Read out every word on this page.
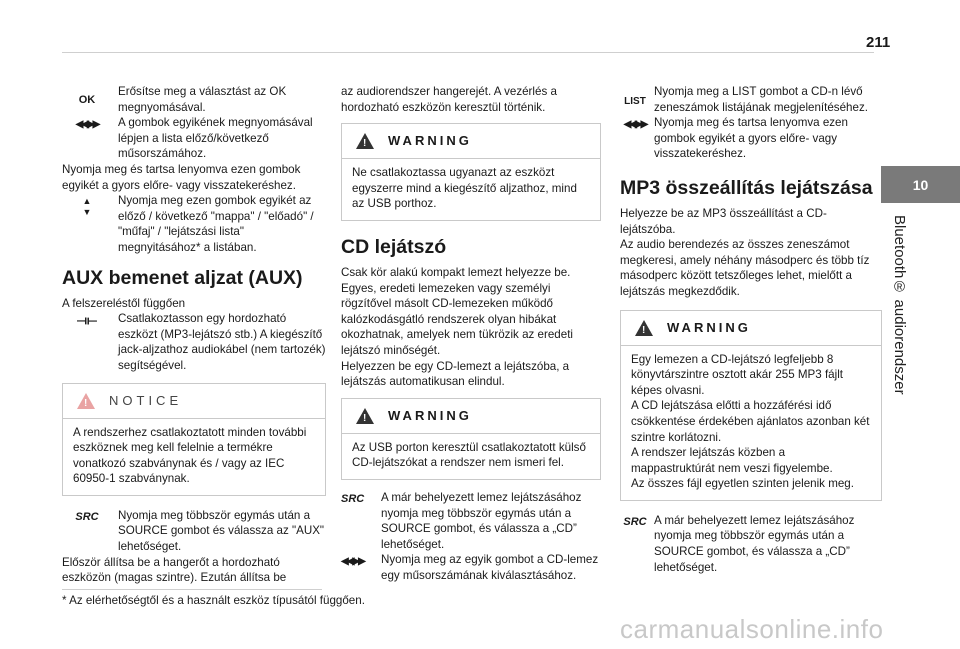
211
10
Bluetooth® audiorendszer
OK

Erősítse meg a választást az OK megnyomásával.

◀◀▶▶	A gombok egyikének megnyomásával lépjen a lista előző/következő műsorszámához.

Nyomja meg és tartsa lenyomva ezen gombok egyikét a gyors előre- vagy visszatekeréshez.

▲
▼

Nyomja meg ezen gombok egyikét az előző / következő "mappa" / "előadó" / "műfaj" / "lejátszási lista" megnyitásához* a listában.

AUX bemenet aljzat (AUX)

A felszereléstől függően

⟞⟝	Csatlakoztasson egy hordozható eszközt (MP3-lejátszó stb.) A kiegészítő jack-aljzathoz audiokábel (nem tartozék) segítségével.

!
NOTICE
A rendszerhez csatlakoztatott minden további eszköznek meg kell felelnie a termékre vonatkozó szabványnak és / vagy az IEC 60950-1 szabványnak.
SRC	Nyomja meg többször egymás után a SOURCE gombot és válassza az "AUX" lehetőséget.

Először állítsa be a hangerőt a hordozható eszközön (magas szintre). Ezután állítsa be

az audiorendszer hangerejét. A vezérlés a hordozható eszközön keresztül történik.

!
WARNING
Ne csatlakoztassa ugyanazt az eszközt egyszerre mind a kiegészítő aljzathoz, mind az USB porthoz.
CD lejátszó

Csak kör alakú kompakt lemezt helyezze be. Egyes, eredeti lemezeken vagy személyi rögzítővel másolt CD-lemezeken működő kalózkodásgátló rendszerek olyan hibákat okozhatnak, amelyek nem tükrözik az eredeti lejátszó minőségét.

Helyezzen be egy CD-lemezt a lejátszóba, a lejátszás automatikusan elindul.

!
WARNING
Az USB porton keresztül csatlakoztatott külső CD-lejátszókat a rendszer nem ismeri fel.
SRC	A már behelyezett lemez lejátszásához nyomja meg többször egymás után a SOURCE gombot, és válassza a „CD” lehetőséget.

◀◀▶▶	Nyomja meg az egyik gombot a CD-lemez egy műsorszámának kiválasztásához.

LIST

Nyomja meg a LIST gombot a CD-n lévő zeneszámok listájának megjelenítéséhez.

◀◀▶▶ Nyomja meg és tartsa lenyomva ezen gombok egyikét a gyors előre- vagy visszatekeréshez.

MP3 összeállítás lejátszása

Helyezze be az MP3 összeállítást a CD-lejátszóba.

Az audio berendezés az összes zeneszámot megkeresi, amely néhány másodperc és több tíz másodperc között tetszőleges lehet, mielőtt a lejátszás megkezdődik.

!
WARNING
Egy lemezen a CD-lejátszó legfeljebb 8 könyvtárszintre osztott akár 255 MP3 fájlt képes olvasni.
A CD lejátszása előtti a hozzáférési idő csökkentése érdekében ajánlatos azonban két szintre korlátozni.
A rendszer lejátszás közben a mappastruktúrát nem veszi figyelembe.
Az összes fájl egyetlen szinten jelenik meg.
SRC A már behelyezett lemez lejátszásához nyomja meg többször egymás után a SOURCE gombot, és válassza a „CD” lehetőséget.

* Az elérhetőségtől és a használt eszköz típusától függően.
carmanualsonline.info
